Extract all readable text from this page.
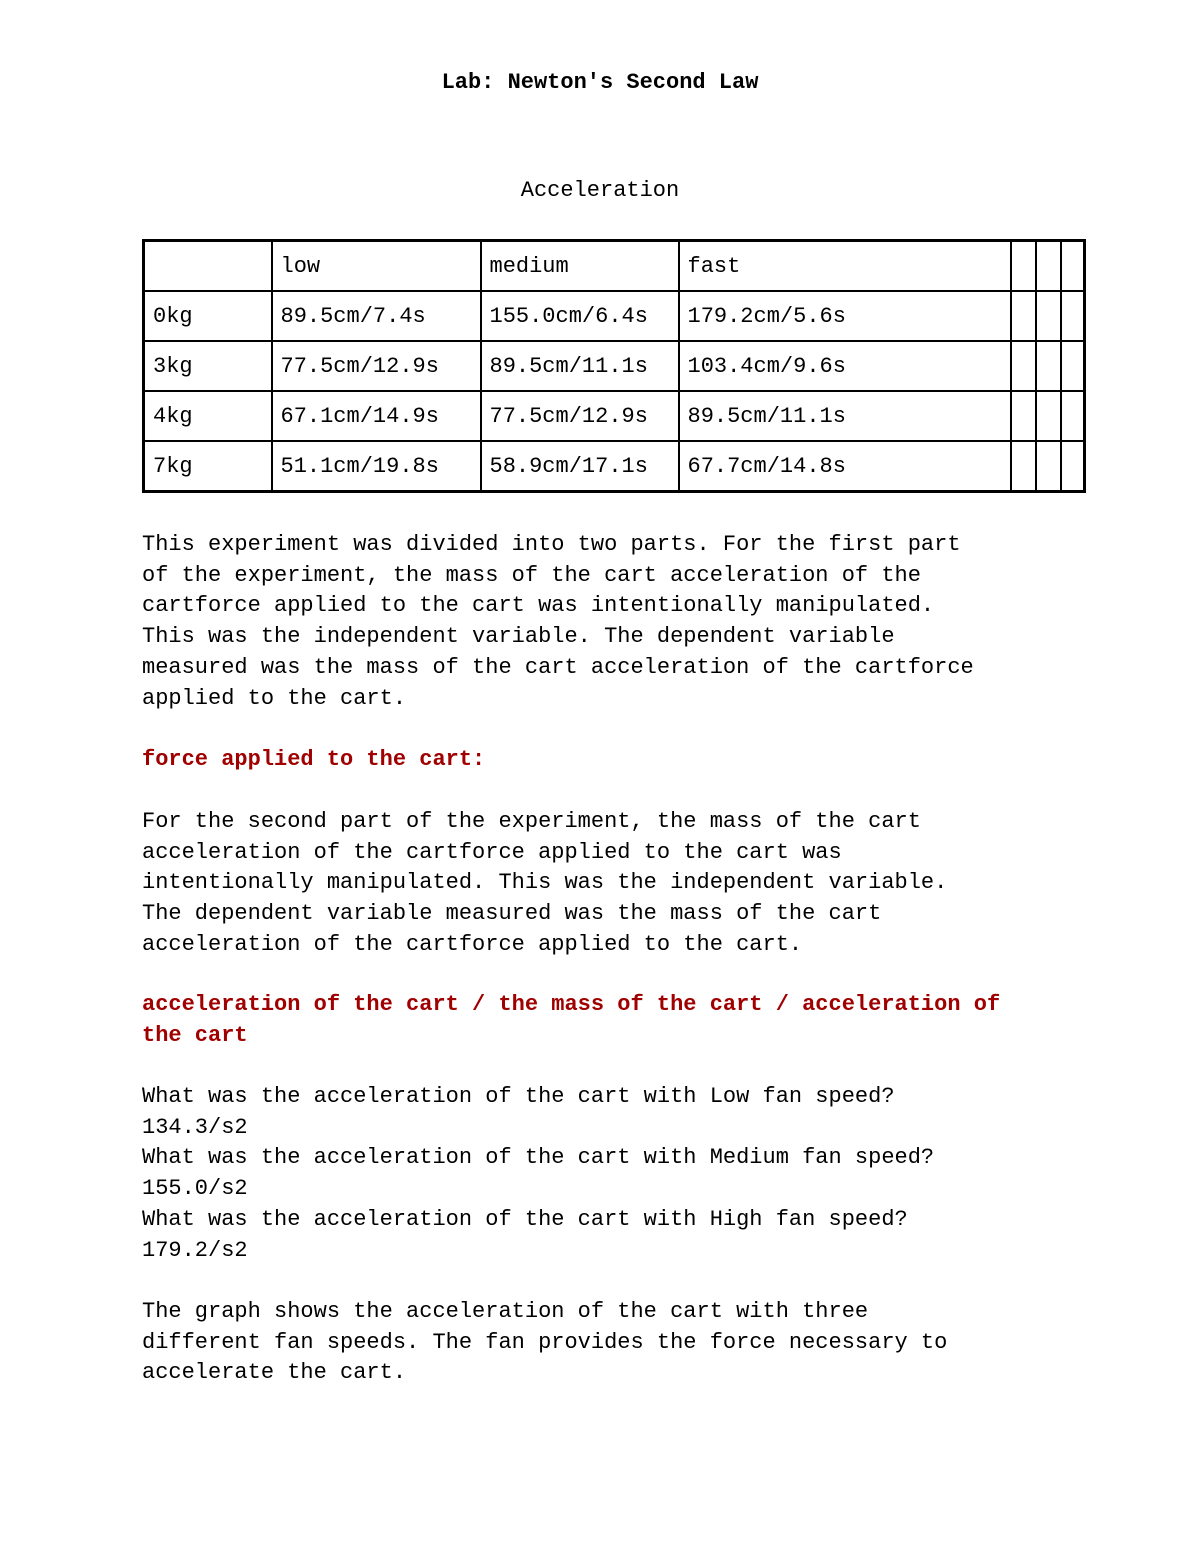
Lab: Newton's Second Law

Acceleration

	low	medium	fast			
0kg	89.5cm/7.4s	155.0cm/6.4s	179.2cm/5.6s			
3kg	77.5cm/12.9s	89.5cm/11.1s	103.4cm/9.6s			
4kg	67.1cm/14.9s	77.5cm/12.9s	89.5cm/11.1s			
7kg	51.1cm/19.8s	58.9cm/17.1s	67.7cm/14.8s			

This experiment was divided into two parts. For the first part
of the experiment, the mass of the cart acceleration of the
cartforce applied to the cart was intentionally manipulated.
This was the independent variable. The dependent variable
measured was the mass of the cart acceleration of the cartforce
applied to the cart.

force applied to the cart:

For the second part of the experiment, the mass of the cart
acceleration of the cartforce applied to the cart was
intentionally manipulated. This was the independent variable.
The dependent variable measured was the mass of the cart
acceleration of the cartforce applied to the cart.

acceleration of the cart / the mass of the cart / acceleration of the cart

What was the acceleration of the cart with Low fan speed?
134.3/s2
What was the acceleration of the cart with Medium fan speed?
155.0/s2
What was the acceleration of the cart with High fan speed?
179.2/s2

The graph shows the acceleration of the cart with three
different fan speeds. The fan provides the force necessary to
accelerate the cart.
